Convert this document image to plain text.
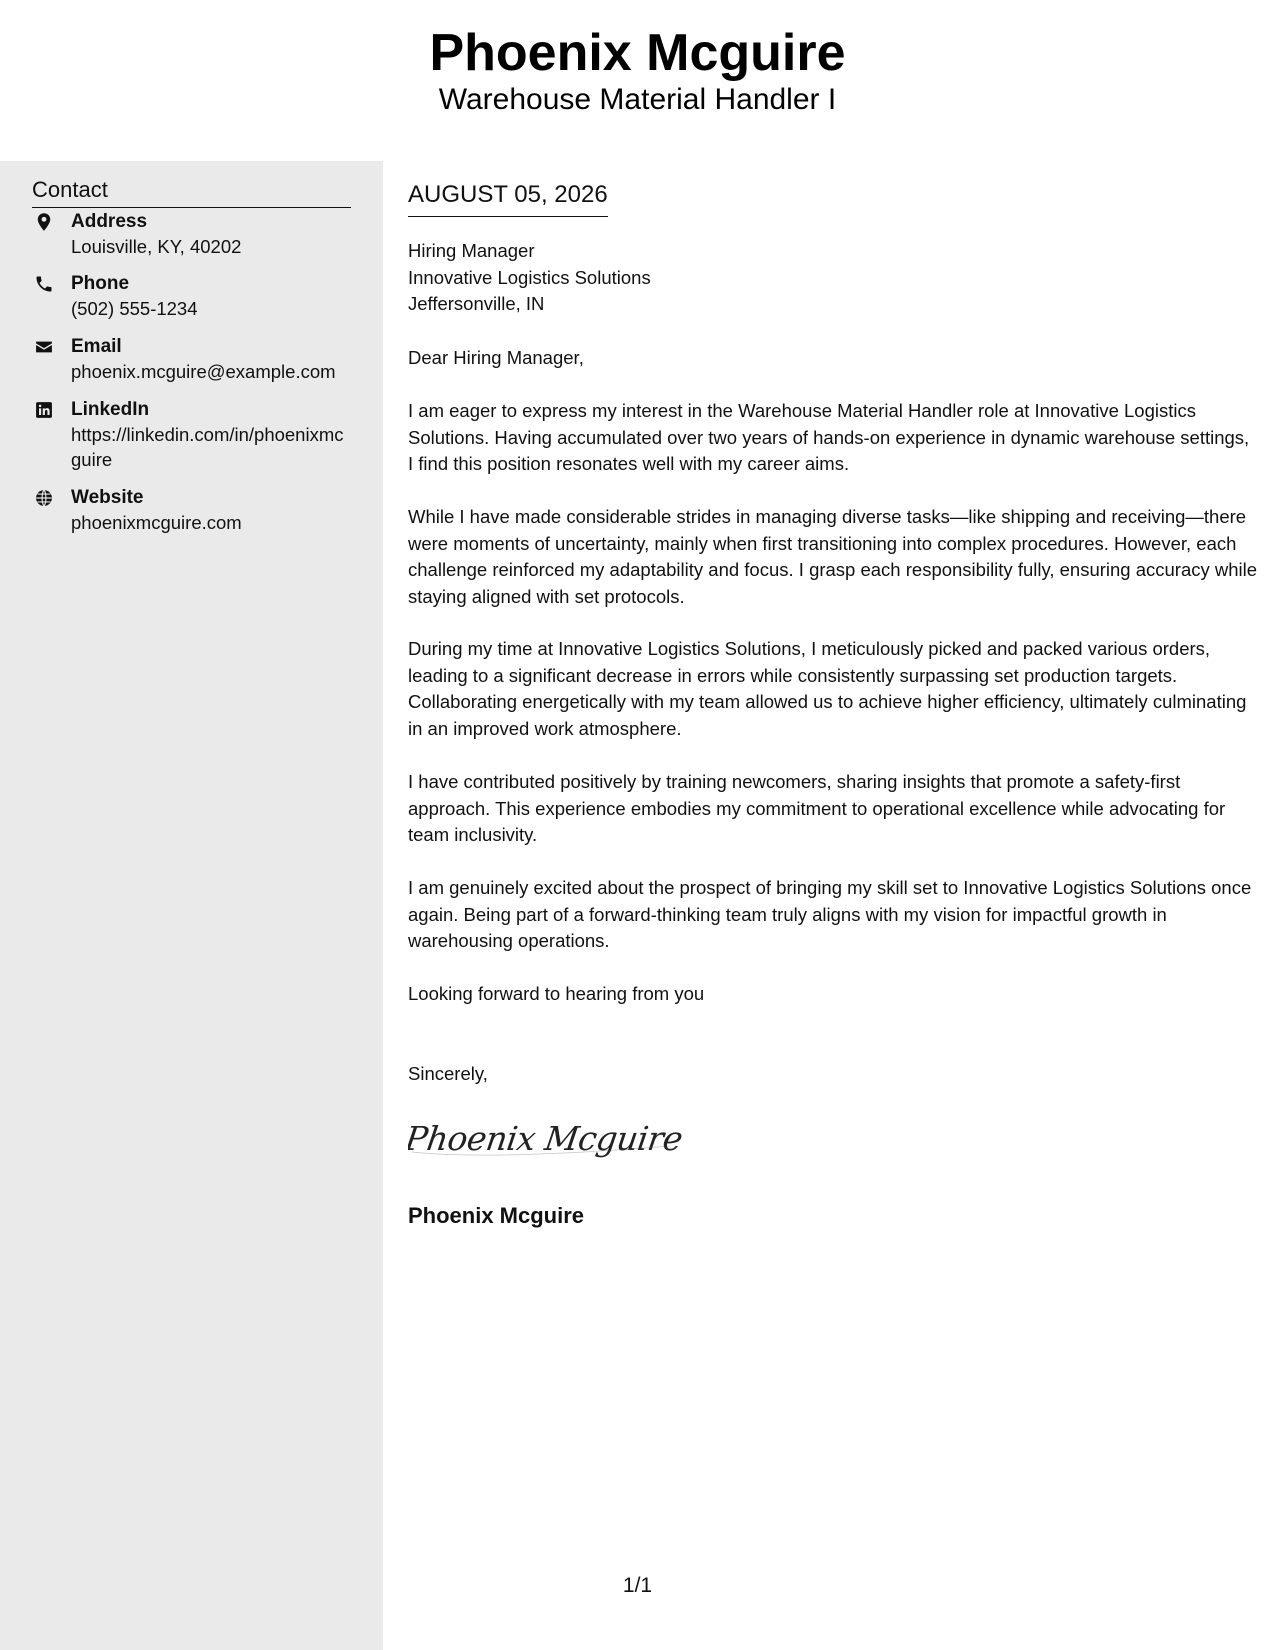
Phoenix Mcguire
Warehouse Material Handler I
Contact
Address
Louisville, KY, 40202
Phone
(502) 555-1234
Email
phoenix.mcguire@example.com
LinkedIn
https://linkedin.com/in/phoenixmcguire
Website
phoenixmcguire.com
AUGUST 05, 2026
Hiring Manager
Innovative Logistics Solutions
Jeffersonville, IN

Dear Hiring Manager,

I am eager to express my interest in the Warehouse Material Handler role at Innovative Logistics Solutions. Having accumulated over two years of hands-on experience in dynamic warehouse settings, I find this position resonates well with my career aims.

While I have made considerable strides in managing diverse tasks—like shipping and receiving—there were moments of uncertainty, mainly when first transitioning into complex procedures. However, each challenge reinforced my adaptability and focus. I grasp each responsibility fully, ensuring accuracy while staying aligned with set protocols.

During my time at Innovative Logistics Solutions, I meticulously picked and packed various orders, leading to a significant decrease in errors while consistently surpassing set production targets. Collaborating energetically with my team allowed us to achieve higher efficiency, ultimately culminating in an improved work atmosphere.

I have contributed positively by training newcomers, sharing insights that promote a safety-first approach. This experience embodies my commitment to operational excellence while advocating for team inclusivity.

I am genuinely excited about the prospect of bringing my skill set to Innovative Logistics Solutions once again. Being part of a forward-thinking team truly aligns with my vision for impactful growth in warehousing operations.

Looking forward to hearing from you

Sincerely,

Phoenix Mcguire
Phoenix Mcguire
1/1
